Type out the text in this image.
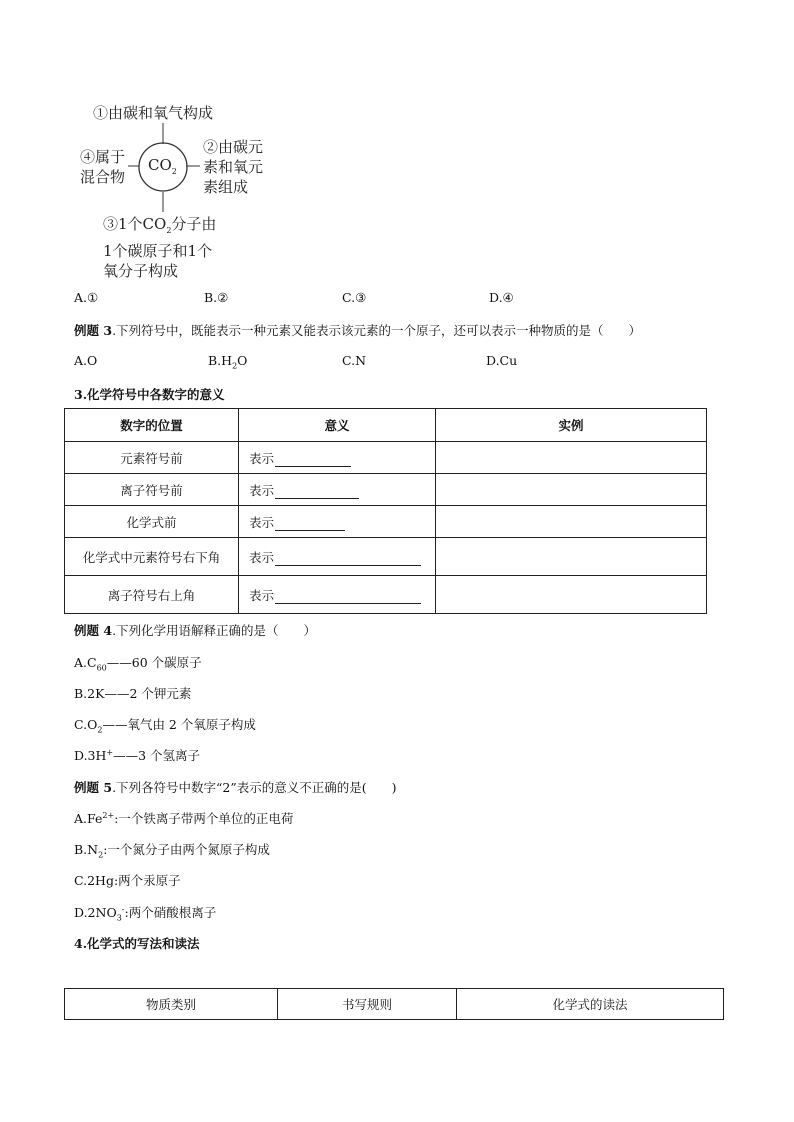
$CO_2$
①由碳和氧气构成
②由碳元
素和氧元
素组成
③1个$CO_2$分子由
1个碳原子和1个
氧分子构成
④属于
混合物
A.①	B.②	C.③	D.④
例题 3.下列符号中，既能表示一种元素又能表示该元素的一个原子，还可以表示一种物质的是（　　）
A.O	$B.H_2O$	C.N	D.Cu
3.化学符号中各数字的意义
数字的位置	意义	实例
元素符号前	表示	
离子符号前	表示	
化学式前	表示	
化学式中元素符号右下角	表示	
离子符号右上角	表示	
例题 4.下列化学用语解释正确的是（　　）
$A.C_{60}——60$ 个碳原子
B.2K——2 个钾元素
$C.O_2——$氧气由 2 个氧原子构成
D.3H+——3 个氢离子
例题 5.下列各符号中数字“2”表示的意义不正确的是(　　)
$A.Fe^{2+}$:一个铁离子带两个单位的正电荷
$B.N_2$:一个氮分子由两个氮原子构成
C.2Hg:两个汞原子
$D.2NO_3^-$:两个硝酸根离子
4.化学式的写法和读法
物质类别	书写规则	化学式的读法
